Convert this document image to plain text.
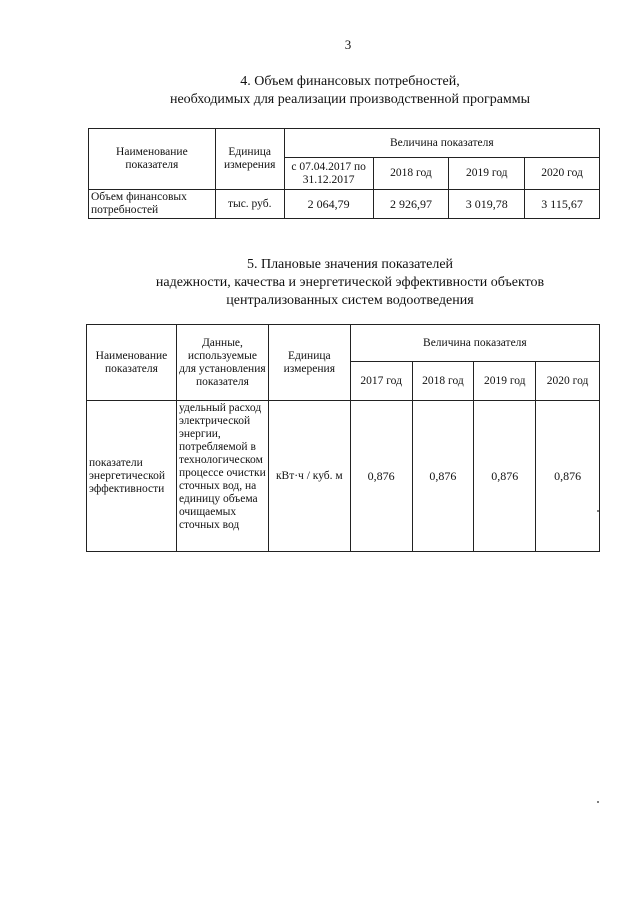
3
4. Объем финансовых потребностей,
необходимых для реализации производственной программы
Наименование показателя	Единица измерения	Величина показателя			
		с 07.04.2017 по 31.12.2017	2018 год	2019 год	2020 год
Объем финансовых потребностей	тыс. руб.	2 064,79	2 926,97	3 019,78	3 115,67
5. Плановые значения показателей
надежности, качества и энергетической эффективности объектов
централизованных систем водоотведения
Наименование показателя	Данные, используемые для установления показателя	Единица измерения	Величина показателя			
			2017 год	2018 год	2019 год	2020 год
показатели энергетической эффективности	удельный расход электрической энергии, потребляемой в технологическом процессе очистки сточных вод, на единицу объема очищаемых сточных вод	кВт·ч / куб. м	0,876	0,876	0,876	0,876
